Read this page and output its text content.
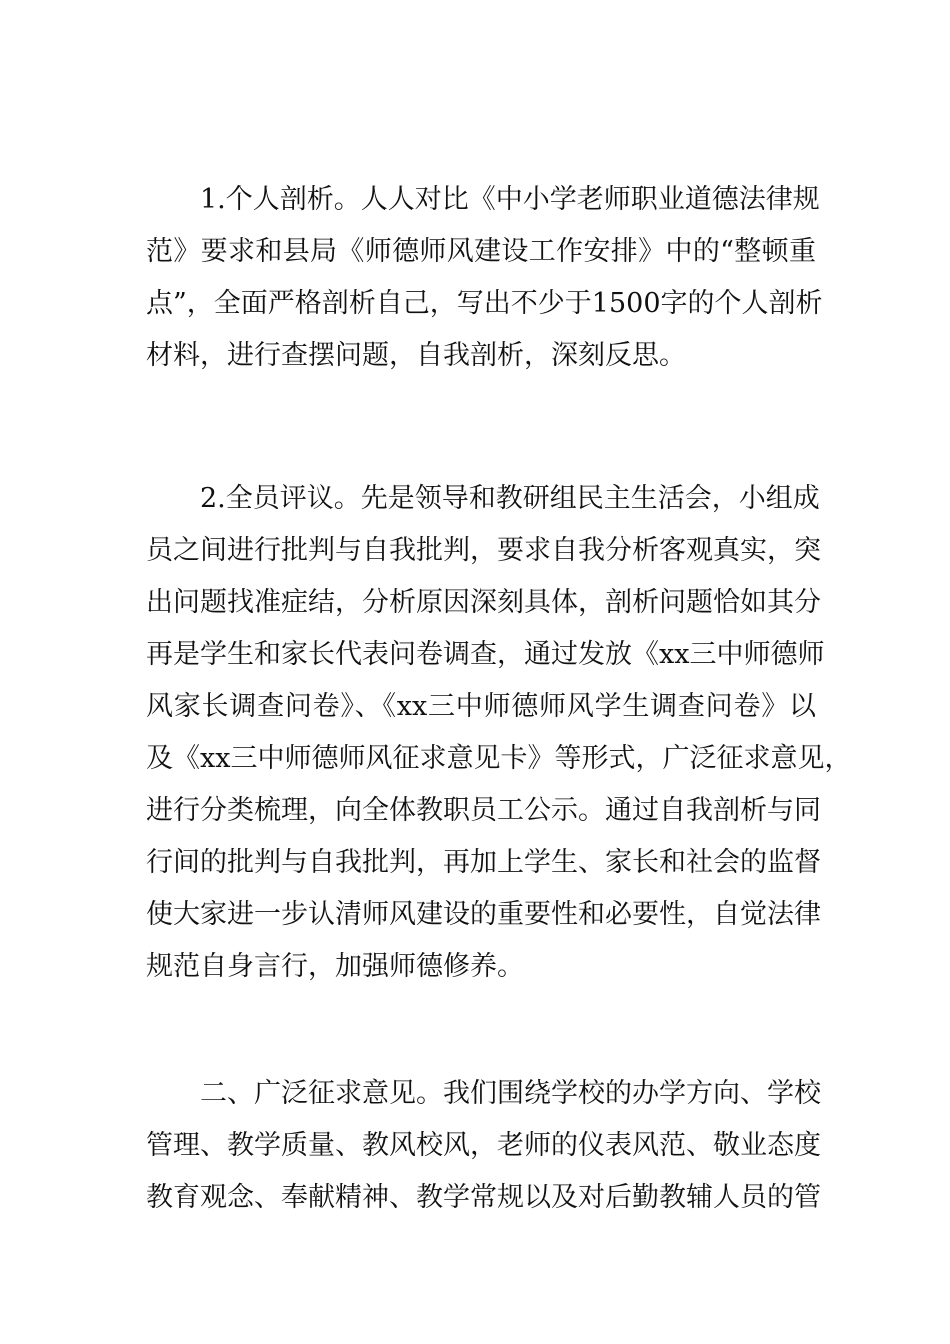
1.个人剖析。人人对比《中小学老师职业道德法律规
范》要求和县局《师德师风建设工作安排》中的“整顿重
点”，全面严格剖析自己，写出不少于1500字的个人剖析
材料，进行查摆问题，自我剖析，深刻反思。
2.全员评议。先是领导和教研组民主生活会，小组成
员之间进行批判与自我批判，要求自我分析客观真实，突
出问题找准症结，分析原因深刻具体，剖析问题恰如其分
再是学生和家长代表问卷调查，通过发放《xx三中师德师
风家长调查问卷》、《xx三中师德师风学生调查问卷》以
及《xx三中师德师风征求意见卡》等形式，广泛征求意见，
进行分类梳理，向全体教职员工公示。通过自我剖析与同
行间的批判与自我批判，再加上学生、家长和社会的监督
使大家进一步认清师风建设的重要性和必要性，自觉法律
规范自身言行，加强师德修养。
二、广泛征求意见。我们围绕学校的办学方向、学校
管理、教学质量、教风校风，老师的仪表风范、敬业态度
教育观念、奉献精神、教学常规以及对后勤教辅人员的管
